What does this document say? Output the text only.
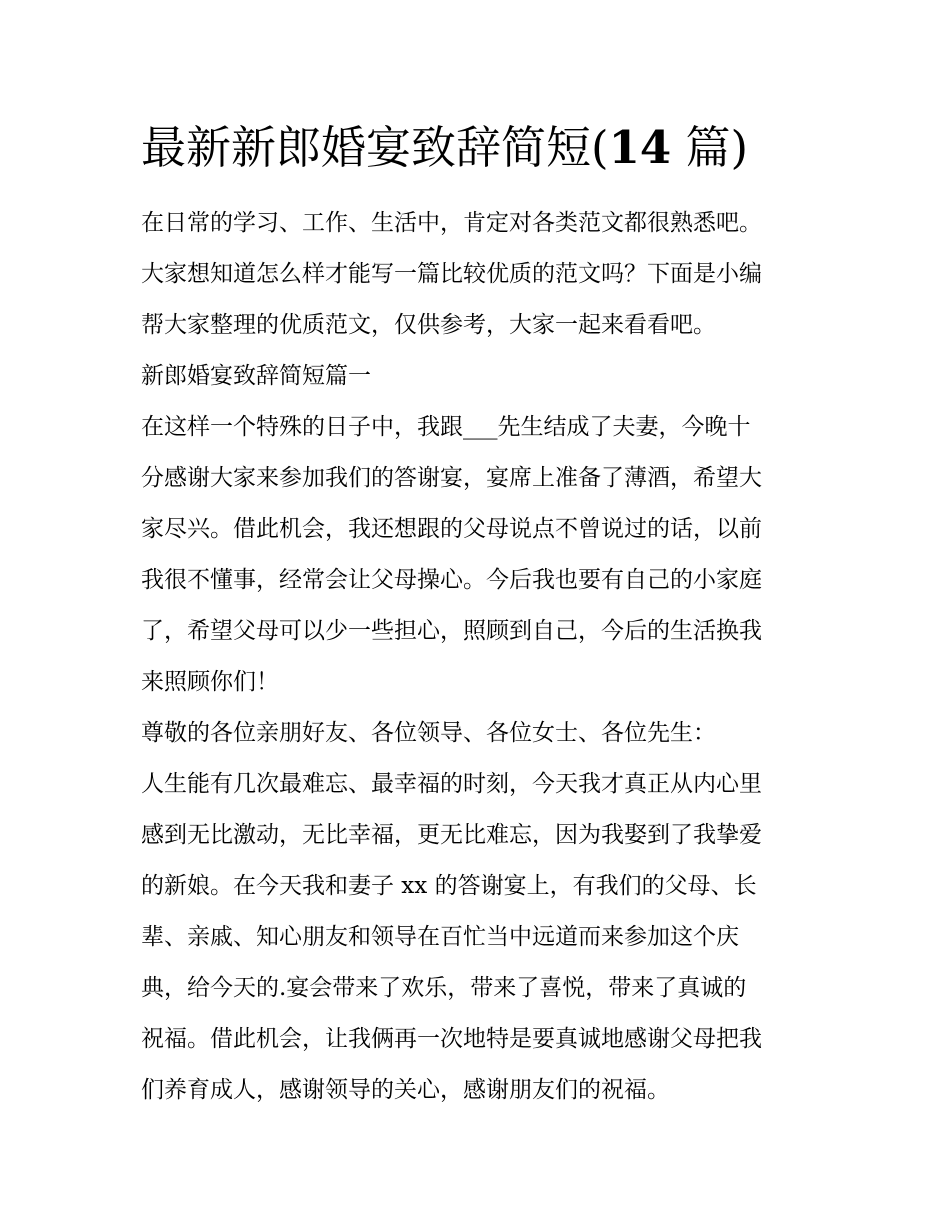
最新新郎婚宴致辞简短(14 篇)
在日常的学习、工作、生活中，肯定对各类范文都很熟悉吧。
大家想知道怎么样才能写一篇比较优质的范文吗？下面是小编
帮大家整理的优质范文，仅供参考，大家一起来看看吧。
新郎婚宴致辞简短篇一
在这样一个特殊的日子中，我跟___先生结成了夫妻，今晚十
分感谢大家来参加我们的答谢宴，宴席上准备了薄酒，希望大
家尽兴。借此机会，我还想跟的父母说点不曾说过的话，以前
我很不懂事，经常会让父母操心。今后我也要有自己的小家庭
了，希望父母可以少一些担心，照顾到自己，今后的生活换我
来照顾你们！
尊敬的各位亲朋好友、各位领导、各位女士、各位先生：
人生能有几次最难忘、最幸福的时刻，今天我才真正从内心里
感到无比激动，无比幸福，更无比难忘，因为我娶到了我挚爱
的新娘。在今天我和妻子 xx 的答谢宴上，有我们的父母、长
辈、亲戚、知心朋友和领导在百忙当中远道而来参加这个庆
典，给今天的.宴会带来了欢乐，带来了喜悦，带来了真诚的
祝福。借此机会，让我俩再一次地特是要真诚地感谢父母把我
们养育成人，感谢领导的关心，感谢朋友们的祝福。
